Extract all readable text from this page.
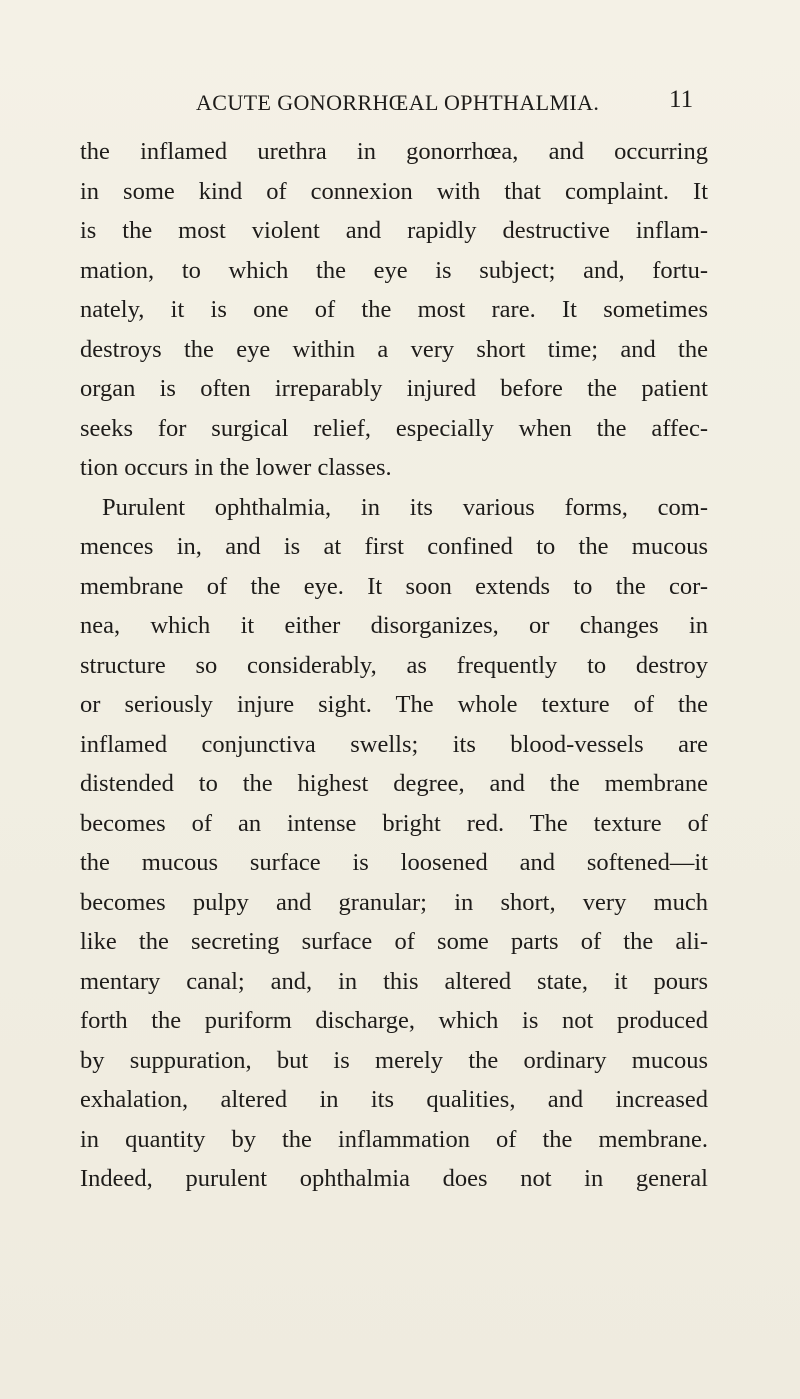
ACUTE GONORRHŒAL OPHTHALMIA.	11
the inflamed urethra in gonorrhœa, and occurring
in some kind of connexion with that complaint. It
is the most violent and rapidly destructive inflam-
mation, to which the eye is subject; and, fortu-
nately, it is one of the most rare. It sometimes
destroys the eye within a very short time; and the
organ is often irreparably injured before the patient
seeks for surgical relief, especially when the affec-
tion occurs in the lower classes.
Purulent ophthalmia, in its various forms, com-
mences in, and is at first confined to the mucous
membrane of the eye. It soon extends to the cor-
nea, which it either disorganizes, or changes in
structure so considerably, as frequently to destroy
or seriously injure sight. The whole texture of the
inflamed conjunctiva swells; its blood-vessels are
distended to the highest degree, and the membrane
becomes of an intense bright red. The texture of
the mucous surface is loosened and softened—it
becomes pulpy and granular; in short, very much
like the secreting surface of some parts of the ali-
mentary canal; and, in this altered state, it pours
forth the puriform discharge, which is not produced
by suppuration, but is merely the ordinary mucous
exhalation, altered in its qualities, and increased
in quantity by the inflammation of the membrane.
Indeed, purulent ophthalmia does not in general
